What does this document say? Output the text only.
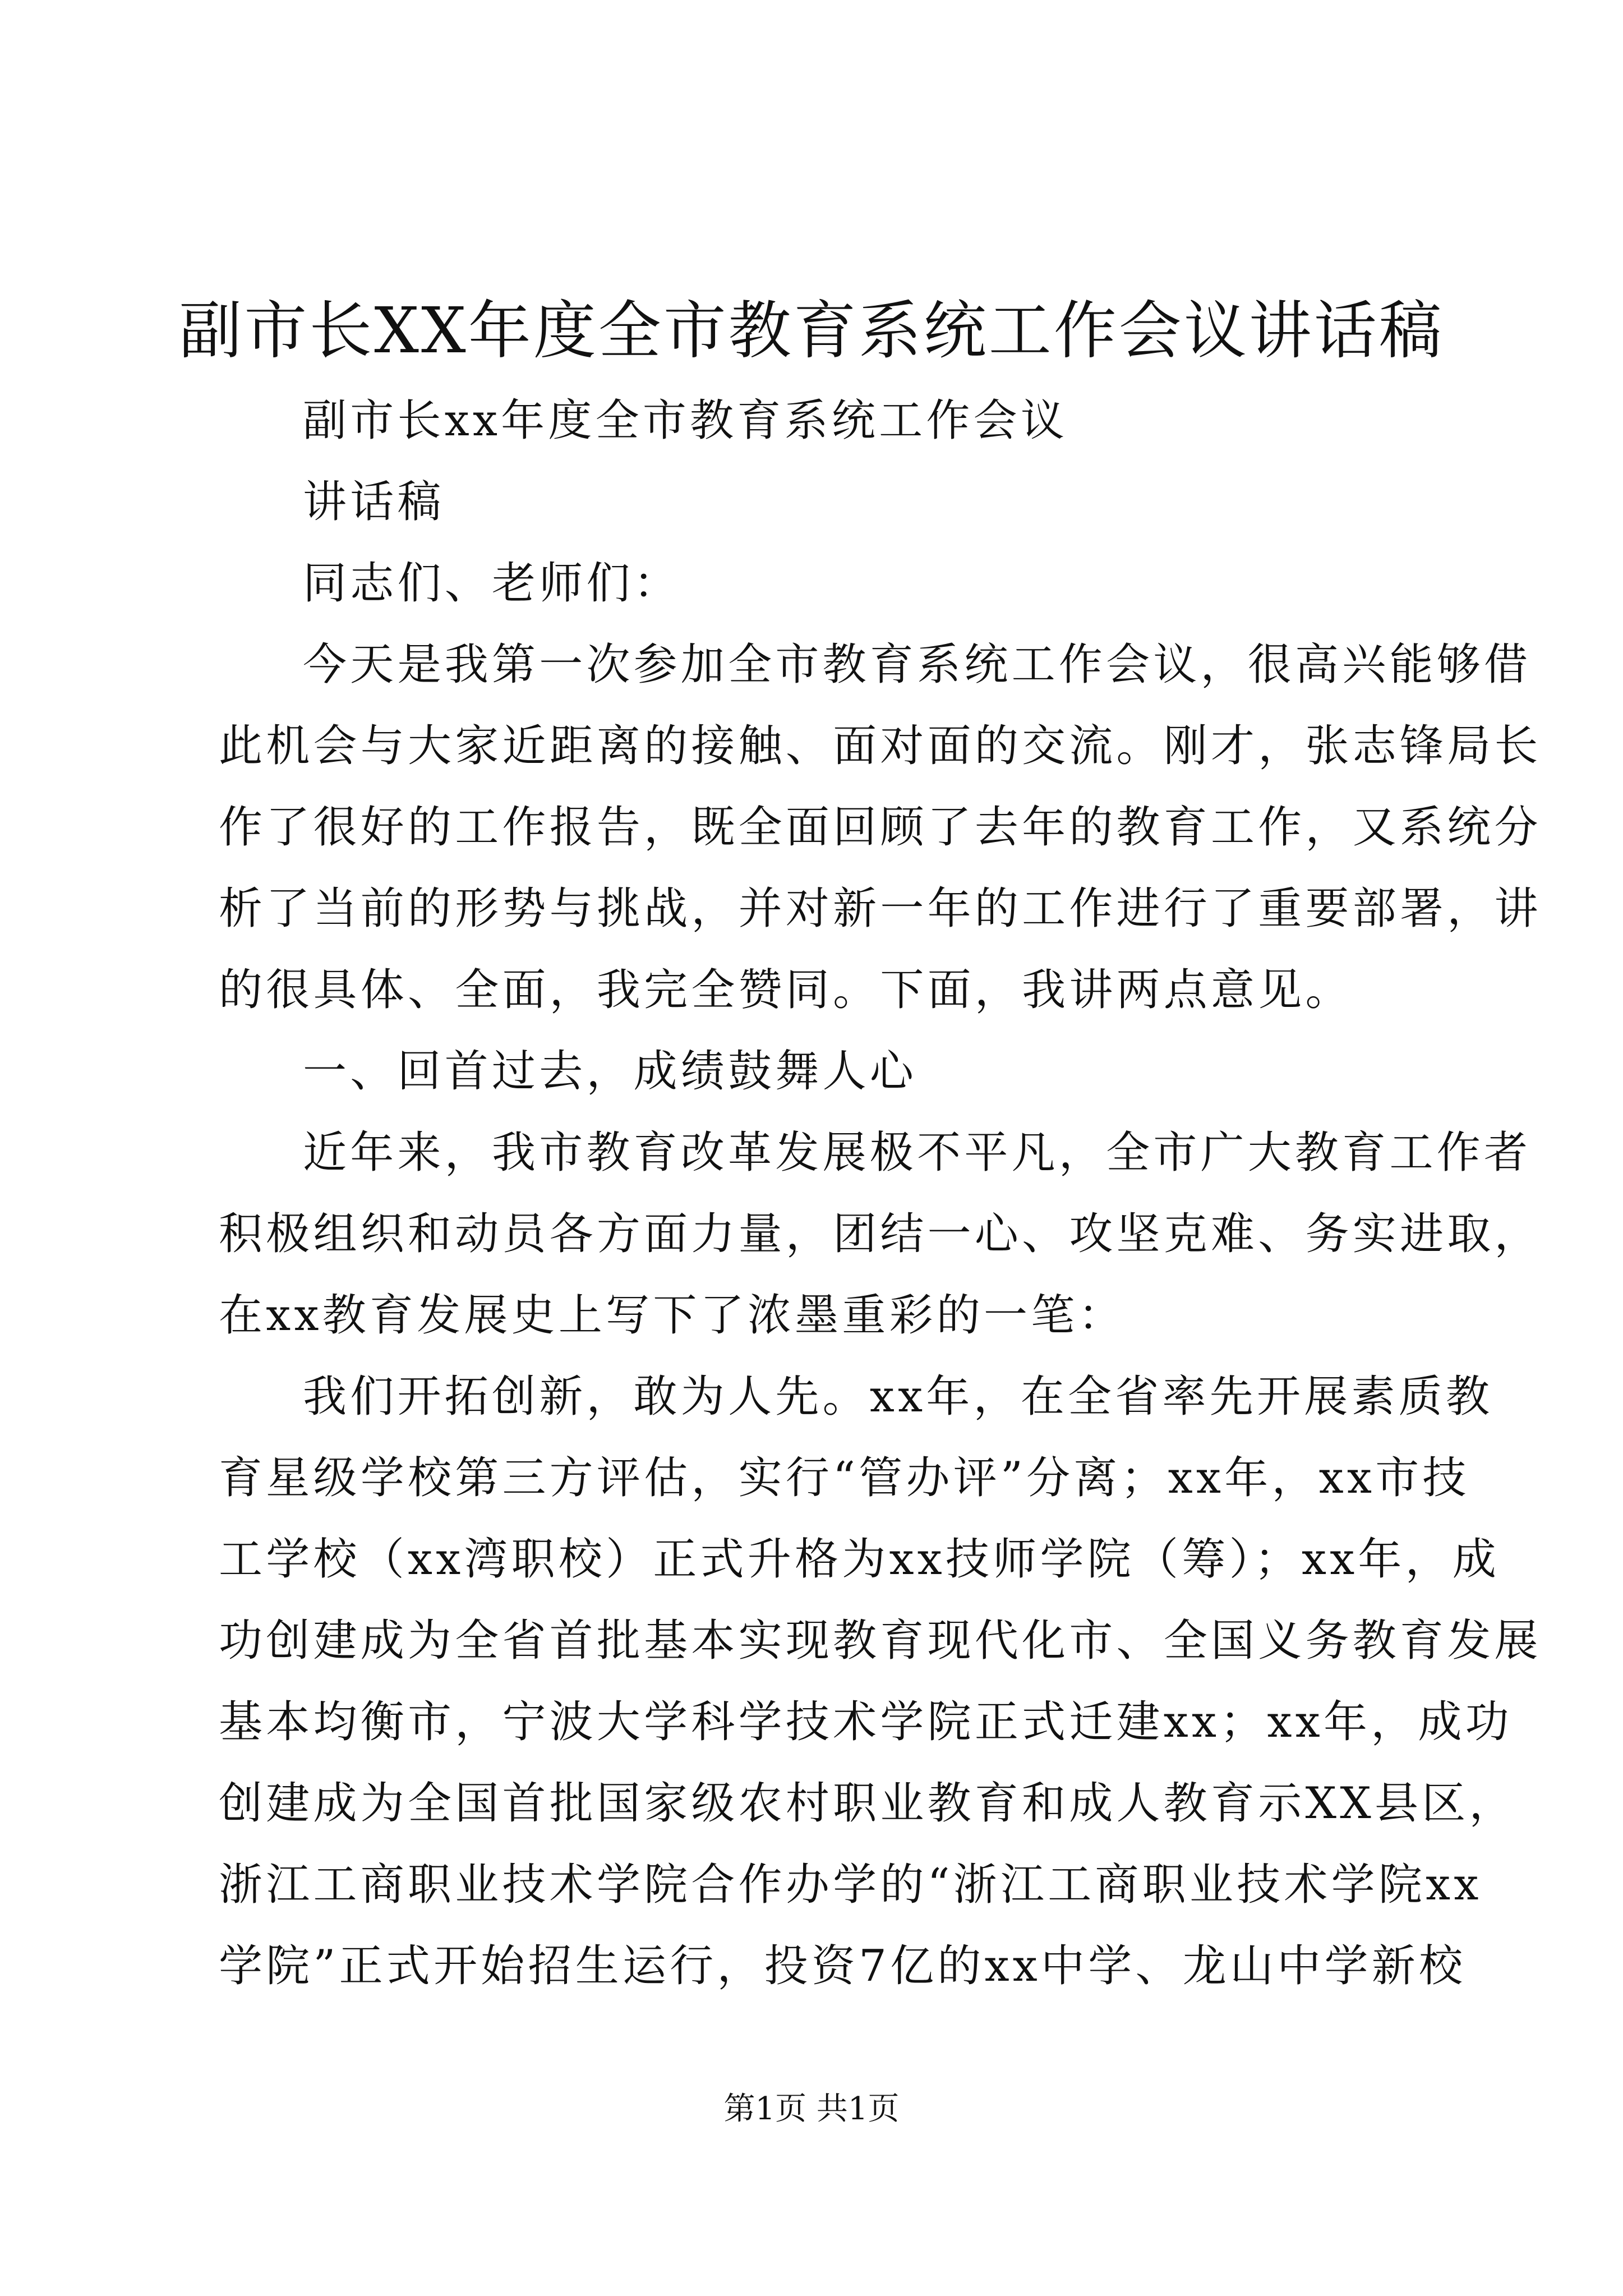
副市长XX年度全市教育系统工作会议讲话稿
副市长xx年度全市教育系统工作会议
讲话稿
同志们、老师们：
今天是我第一次参加全市教育系统工作会议，很高兴能够借
此机会与大家近距离的接触、面对面的交流。刚才，张志锋局长
作了很好的工作报告，既全面回顾了去年的教育工作，又系统分
析了当前的形势与挑战，并对新一年的工作进行了重要部署，讲
的很具体、全面，我完全赞同。下面，我讲两点意见。
一、回首过去，成绩鼓舞人心
近年来，我市教育改革发展极不平凡，全市广大教育工作者
积极组织和动员各方面力量，团结一心、攻坚克难、务实进取，
在xx教育发展史上写下了浓墨重彩的一笔：
我们开拓创新，敢为人先。xx年，在全省率先开展素质教
育星级学校第三方评估，实行“管办评”分离；xx年，xx市技
工学校（xx湾职校）正式升格为xx技师学院（筹）；xx年，成
功创建成为全省首批基本实现教育现代化市、全国义务教育发展
基本均衡市，宁波大学科学技术学院正式迁建xx；xx年，成功
创建成为全国首批国家级农村职业教育和成人教育示XX县区，
浙江工商职业技术学院合作办学的“浙江工商职业技术学院xx
学院”正式开始招生运行，投资7亿的xx中学、龙山中学新校
第1页 共1页
